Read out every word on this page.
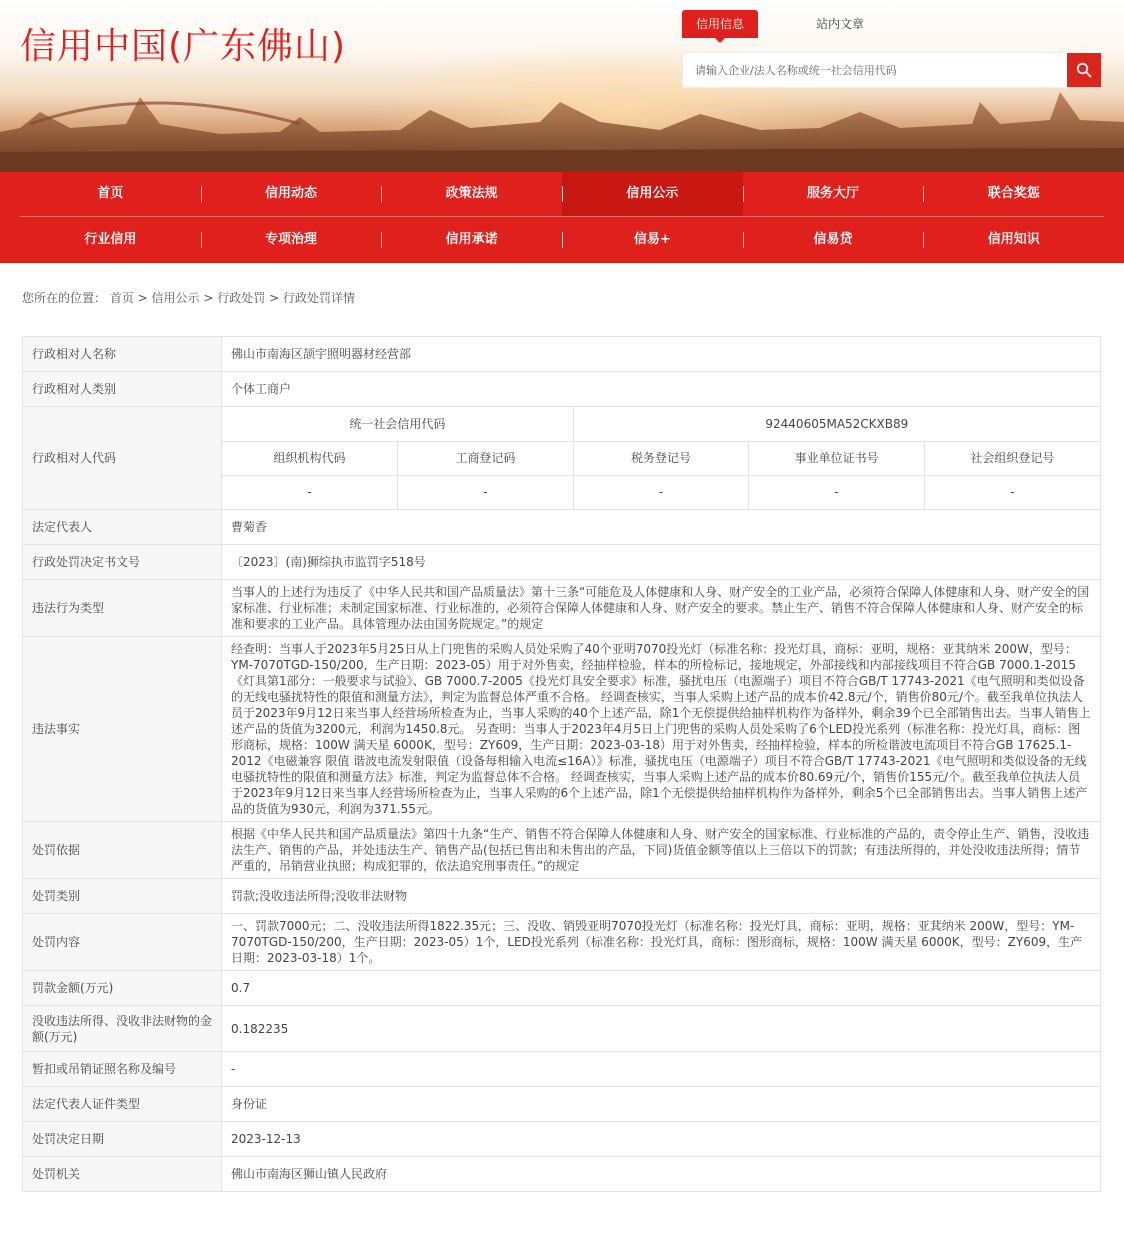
信用中国(广东佛山)
信用信息	站内文章
请输入企业/法人名称或统一社会信用代码
首页	信用动态	政策法规	信用公示	服务大厅	联合奖惩
行业信用	专项治理	信用承诺	信易+	信易贷	信用知识
您所在的位置： 首页 > 信用公示 > 行政处罚 > 行政处罚详情
行政相对人名称	佛山市南海区颉宇照明器材经营部
行政相对人类别	个体工商户
行政相对人代码	
统一社会信用代码	92440605MA52CKXB89
组织机构代码	工商登记码	税务登记号	事业单位证书号	社会组织登记号
-	-	-	-	-

法定代表人	曹菊香
行政处罚决定书文号	〔2023〕(南)狮综执市监罚字518号
违法行为类型	当事人的上述行为违反了《中华人民共和国产品质量法》第十三条“可能危及人体健康和人身、财产安全的工业产品，必须符合保障人体健康和人身、财产安全的国家标准、行业标准；未制定国家标准、行业标准的，必须符合保障人体健康和人身、财产安全的要求。禁止生产、销售不符合保障人体健康和人身、财产安全的标准和要求的工业产品。具体管理办法由国务院规定。”的规定
违法事实	经查明：当事人于2023年5月25日从上门兜售的采购人员处采购了40个亚明7070投光灯（标准名称：投光灯具，商标：亚明，规格：亚萁纳米 200W，型号：YM-7070TGD-150/200，生产日期：2023-05）用于对外售卖，经抽样检验，样本的所检标记，接地规定，外部接线和内部接线项目不符合GB 7000.1-2015《灯具第1部分：一般要求与试验》、GB 7000.7-2005《投光灯具安全要求》标准，骚扰电压（电源端子）项目不符合GB/T 17743-2021《电气照明和类似设备的无线电骚扰特性的限值和测量方法》，判定为监督总体严重不合格。 经调查核实，当事人采购上述产品的成本价42.8元/个，销售价80元/个。截至我单位执法人员于2023年9月12日来当事人经营场所检查为止，当事人采购的40个上述产品，除1个无偿提供给抽样机构作为备样外，剩余39个已全部销售出去。当事人销售上述产品的货值为3200元，利润为1450.8元。 另查明：当事人于2023年4月5日上门兜售的采购人员处采购了6个LED投光系列（标准名称：投光灯具，商标：图形商标，规格：100W 满天星 6000K，型号：ZY609，生产日期：2023-03-18）用于对外售卖，经抽样检验，样本的所检谐波电流项目不符合GB 17625.1-2012《电磁兼容 限值 谐波电流发射限值（设备每相输入电流≤16A）》标准，骚扰电压（电源端子）项目不符合GB/T 17743-2021《电气照明和类似设备的无线电骚扰特性的限值和测量方法》标准，判定为监督总体不合格。 经调查核实，当事人采购上述产品的成本价80.69元/个，销售价155元/个。截至我单位执法人员于2023年9月12日来当事人经营场所检查为止，当事人采购的6个上述产品，除1个无偿提供给抽样机构作为备样外，剩余5个已全部销售出去。当事人销售上述产品的货值为930元，利润为371.55元。
处罚依据	根据《中华人民共和国产品质量法》第四十九条“生产、销售不符合保障人体健康和人身、财产安全的国家标准、行业标准的产品的，责令停止生产、销售，没收违法生产、销售的产品，并处违法生产、销售产品(包括已售出和未售出的产品，下同)货值金额等值以上三倍以下的罚款；有违法所得的，并处没收违法所得；情节严重的，吊销营业执照；构成犯罪的，依法追究刑事责任。”的规定
处罚类别	罚款;没收违法所得;没收非法财物
处罚内容	一、罚款7000元；二、没收违法所得1822.35元；三、没收、销毁亚明7070投光灯（标准名称：投光灯具，商标：亚明，规格：亚萁纳米 200W，型号：YM-7070TGD-150/200，生产日期：2023-05）1个，LED投光系列（标准名称：投光灯具，商标：图形商标，规格：100W 满天星 6000K，型号：ZY609，生产日期：2023-03-18）1个。
罚款金额(万元)	0.7
没收违法所得、没收非法财物的金额(万元)	0.182235
暂扣或吊销证照名称及编号	-
法定代表人证件类型	身份证
处罚决定日期	2023-12-13
处罚机关	佛山市南海区狮山镇人民政府
